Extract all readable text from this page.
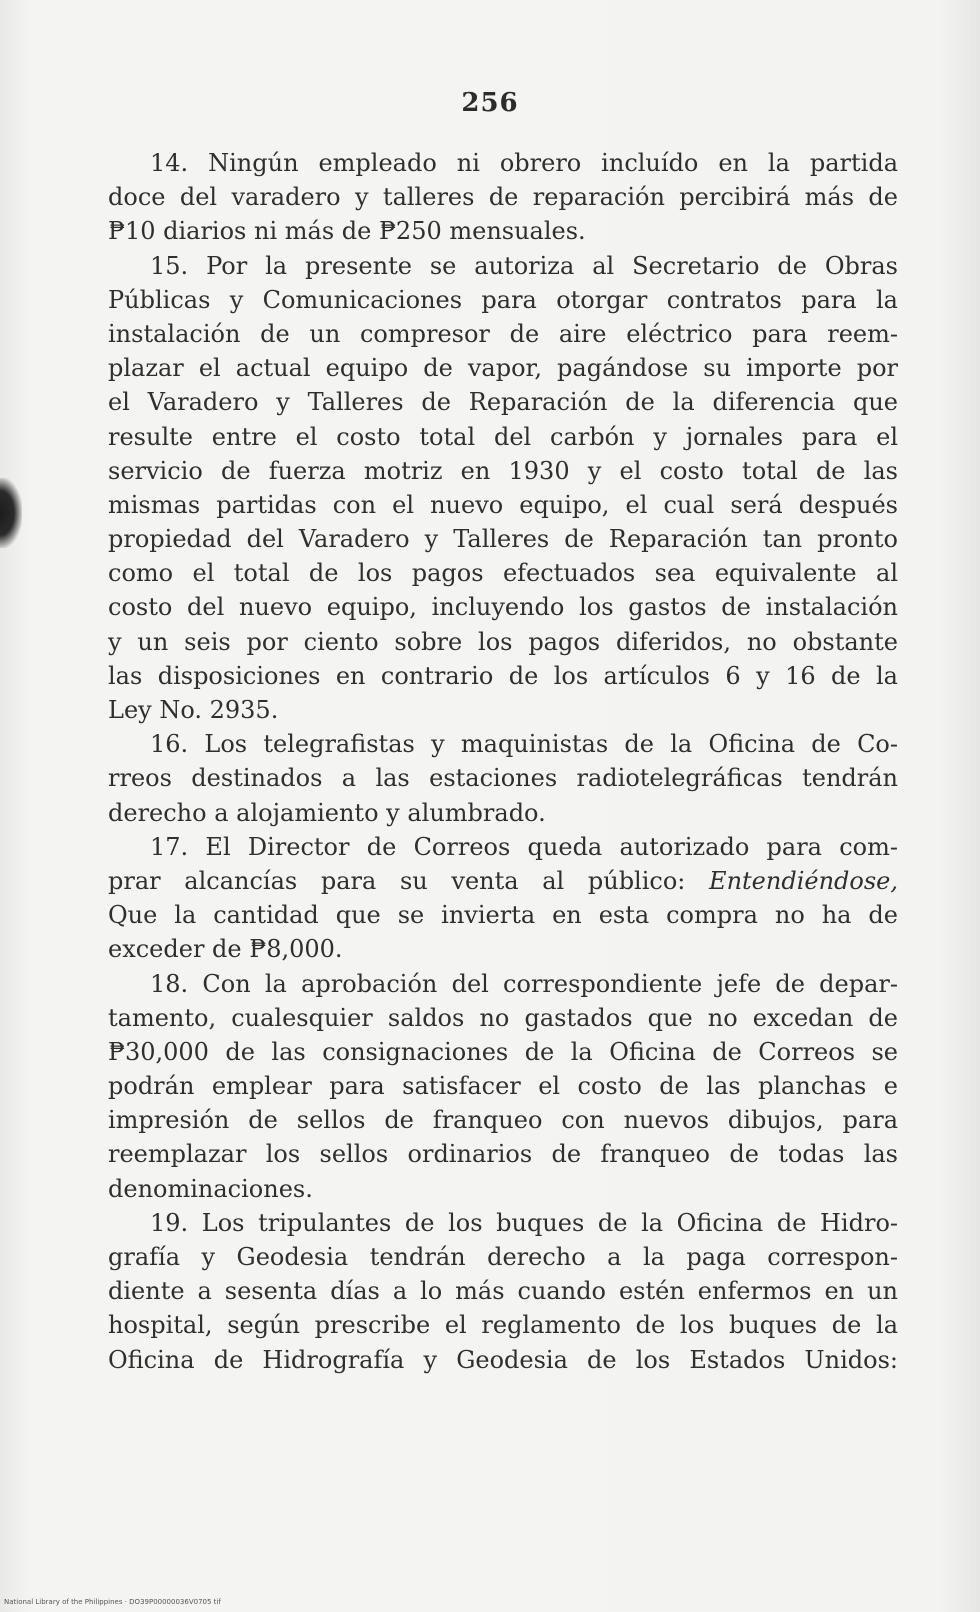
256
14. Ningún empleado ni obrero incluído en la partida
doce del varadero y talleres de reparación percibirá más de
₱10 diarios ni más de ₱250 mensuales.
15. Por la presente se autoriza al Secretario de Obras
Públicas y Comunicaciones para otorgar contratos para la
instalación de un compresor de aire eléctrico para reem-
plazar el actual equipo de vapor, pagándose su importe por
el Varadero y Talleres de Reparación de la diferencia que
resulte entre el costo total del carbón y jornales para el
servicio de fuerza motriz en 1930 y el costo total de las
mismas partidas con el nuevo equipo, el cual será después
propiedad del Varadero y Talleres de Reparación tan pronto
como el total de los pagos efectuados sea equivalente al
costo del nuevo equipo, incluyendo los gastos de instalación
y un seis por ciento sobre los pagos diferidos, no obstante
las disposiciones en contrario de los artículos 6 y 16 de la
Ley No. 2935.
16. Los telegrafistas y maquinistas de la Oficina de Co-
rreos destinados a las estaciones radiotelegráficas tendrán
derecho a alojamiento y alumbrado.
17. El Director de Correos queda autorizado para com-
prar alcancías para su venta al público: Entendiéndose,
Que la cantidad que se invierta en esta compra no ha de
exceder de ₱8,000.
18. Con la aprobación del correspondiente jefe de depar-
tamento, cualesquier saldos no gastados que no excedan de
₱30,000 de las consignaciones de la Oficina de Correos se
podrán emplear para satisfacer el costo de las planchas e
impresión de sellos de franqueo con nuevos dibujos, para
reemplazar los sellos ordinarios de franqueo de todas las
denominaciones.
19. Los tripulantes de los buques de la Oficina de Hidro-
grafía y Geodesia tendrán derecho a la paga correspon-
diente a sesenta días a lo más cuando estén enfermos en un
hospital, según prescribe el reglamento de los buques de la
Oficina de Hidrografía y Geodesia de los Estados Unidos:
National Library of the Philippines · DO39P00000036V0705 tif
